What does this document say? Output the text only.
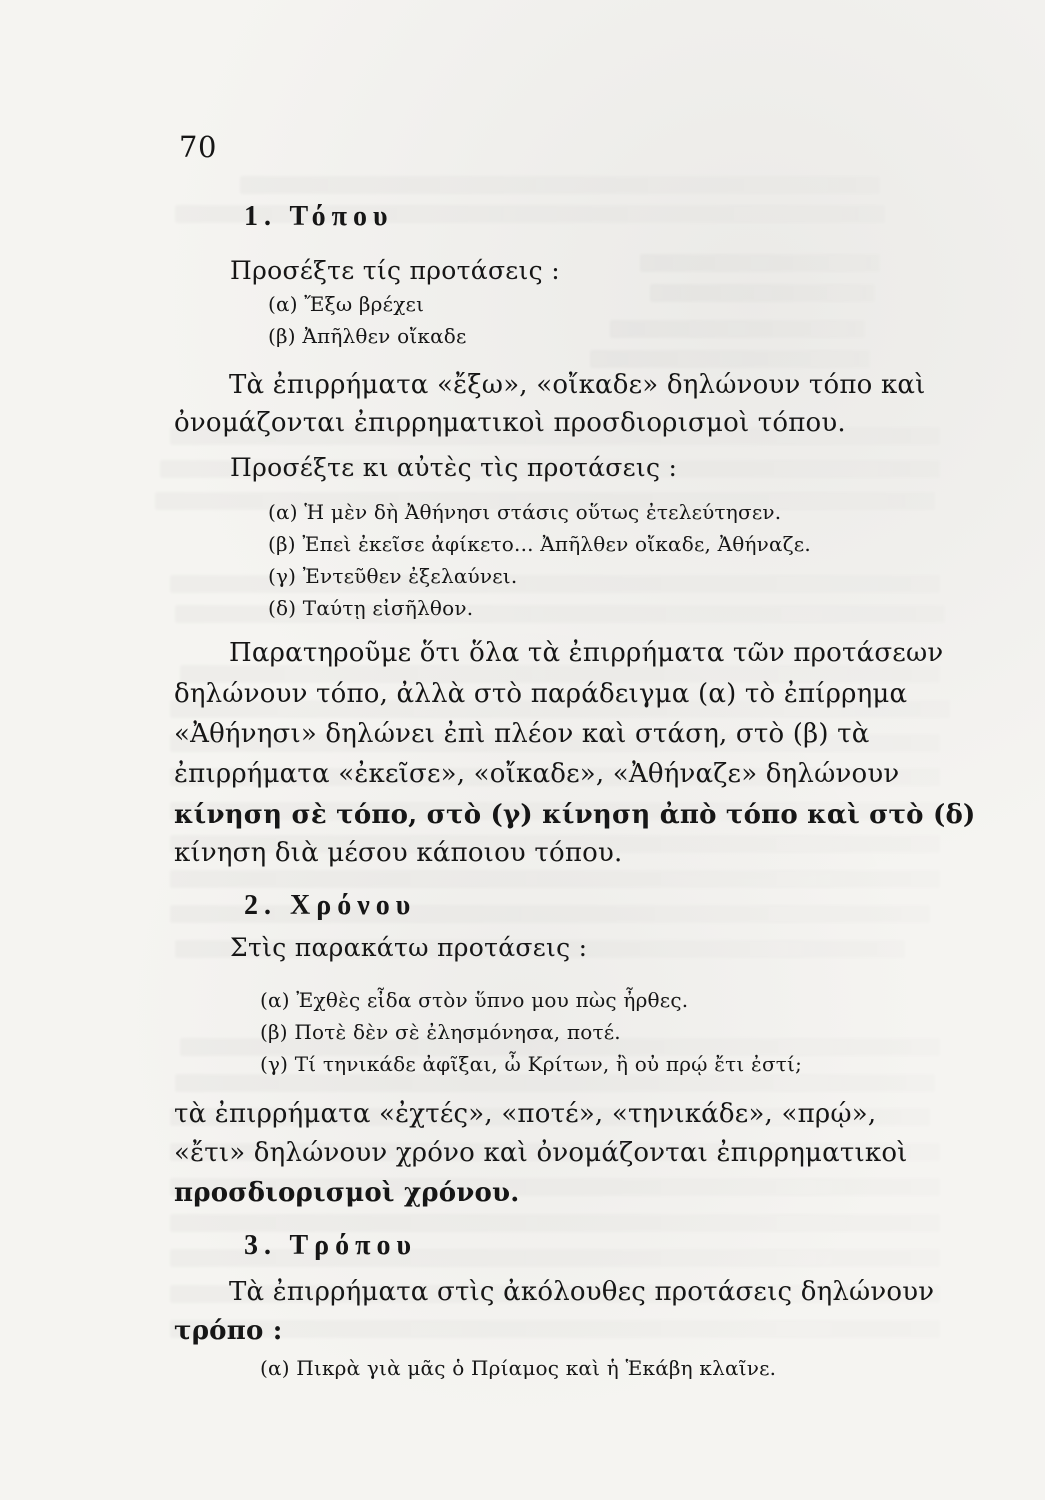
70
1. Τόπου
Προσέξτε τίς προτάσεις :
(α) Ἔξω βρέχει
(β) Ἀπῆλθεν οἴκαδε
Τὰ ἐπιρρήματα «ἔξω», «οἴκαδε» δηλώνουν τόπο καὶ
ὀνομάζονται ἐπιρρηματικοὶ προσδιορισμοὶ τόπου.
Προσέξτε κι αὐτὲς τὶς προτάσεις :
(α) Ἡ μὲν δὴ Ἀθήνησι στάσις οὕτως ἐτελεύτησεν.
(β) Ἐπεὶ ἐκεῖσε ἀφίκετο... Ἀπῆλθεν οἴκαδε, Ἀθήναζε.
(γ) Ἐντεῦθεν ἐξελαύνει.
(δ) Ταύτῃ εἰσῆλθον.
Παρατηροῦμε ὅτι ὅλα τὰ ἐπιρρήματα τῶν προτάσεων
δηλώνουν τόπο, ἀλλὰ στὸ παράδειγμα (α) τὸ ἐπίρρημα
«Ἀθήνησι» δηλώνει ἐπὶ πλέον καὶ στάση, στὸ (β) τὰ
ἐπιρρήματα «ἐκεῖσε», «οἴκαδε», «Ἀθήναζε» δηλώνουν
κίνηση σὲ τόπο, στὸ (γ) κίνηση ἀπὸ τόπο καὶ στὸ (δ)
κίνηση διὰ μέσου κάποιου τόπου.
2. Χρόνου
Στὶς παρακάτω προτάσεις :
(α) Ἐχθὲς εἶδα στὸν ὕπνο μου πὼς ἦρθες.
(β) Ποτὲ δὲν σὲ ἐλησμόνησα, ποτέ.
(γ) Τί τηνικάδε ἀφῖξαι, ὦ Κρίτων, ἢ οὐ πρῴ ἔτι ἐστί;
τὰ ἐπιρρήματα «ἐχτές», «ποτέ», «τηνικάδε», «πρῴ»,
«ἔτι» δηλώνουν χρόνο καὶ ὀνομάζονται ἐπιρρηματικοὶ
προσδιορισμοὶ χρόνου.
3. Τρόπου
Τὰ ἐπιρρήματα στὶς ἀκόλουθες προτάσεις δηλώνουν
τρόπο :
(α) Πικρὰ γιὰ μᾶς ὁ Πρίαμος καὶ ἡ Ἑκάβη κλαῖνε.
